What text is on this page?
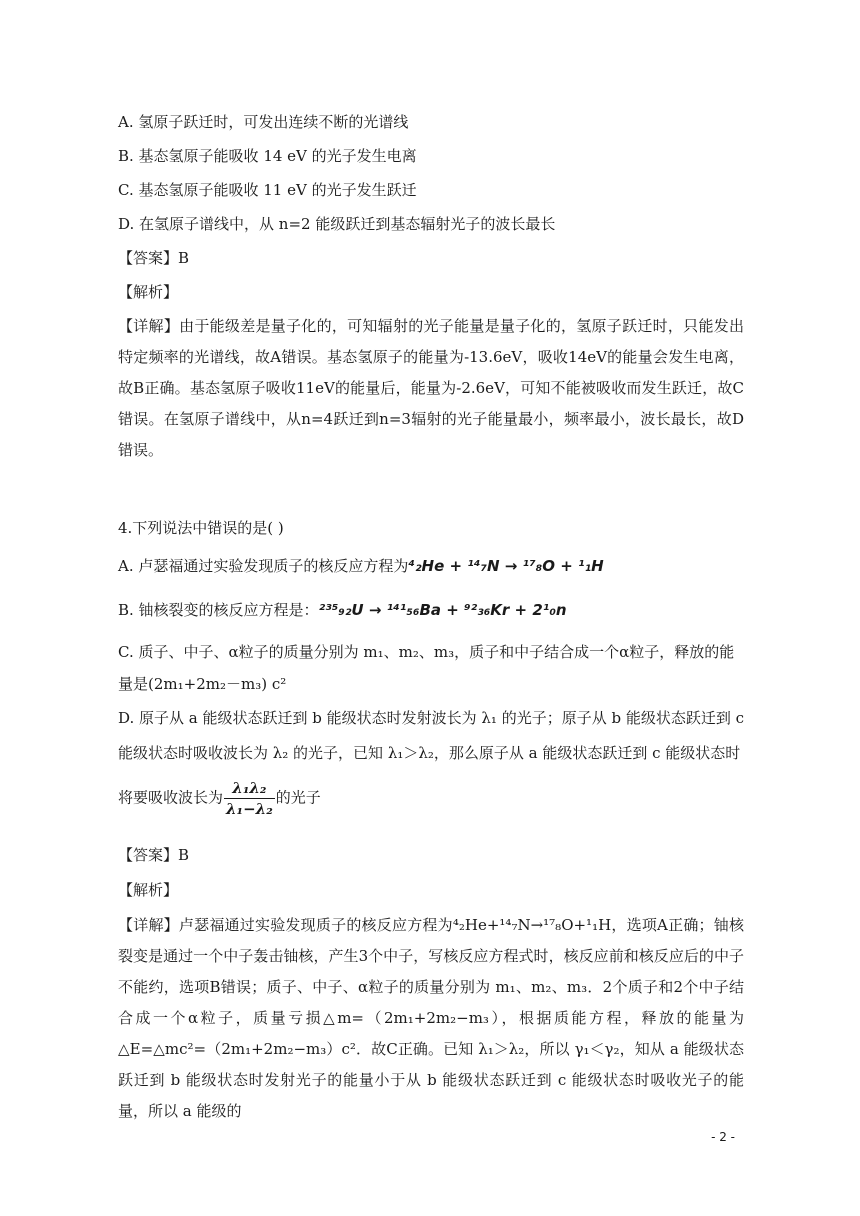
A. 氢原子跃迁时，可发出连续不断的光谱线
B. 基态氢原子能吸收 14 eV 的光子发生电离
C. 基态氢原子能吸收 11 eV 的光子发生跃迁
D. 在氢原子谱线中，从 n=2 能级跃迁到基态辐射光子的波长最长
【答案】B
【解析】
【详解】由于能级差是量子化的，可知辐射的光子能量是量子化的，氢原子跃迁时，只能发出特定频率的光谱线，故A错误。基态氢原子的能量为-13.6eV，吸收14eV的能量会发生电离，故B正确。基态氢原子吸收11eV的能量后，能量为-2.6eV，可知不能被吸收而发生跃迁，故C错误。在氢原子谱线中，从n=4跃迁到n=3辐射的光子能量最小，频率最小，波长最长，故D错误。
4.下列说法中错误的是( )
A. 卢瑟福通过实验发现质子的核反应方程为⁴₂He + ¹⁴₇N → ¹⁷₈O + ¹₁H
B. 铀核裂变的核反应方程是：²³⁵₉₂U → ¹⁴¹₅₆Ba + ⁹²₃₆Kr + 2¹₀n
C. 质子、中子、α粒子的质量分别为 m₁、m₂、m₃，质子和中子结合成一个α粒子，释放的能
量是(2m₁+2m₂－m₃) c²
D. 原子从 a 能级状态跃迁到 b 能级状态时发射波长为 λ₁ 的光子；原子从 b 能级状态跃迁到 c
能级状态时吸收波长为 λ₂ 的光子，已知 λ₁＞λ₂，那么原子从 a 能级状态跃迁到 c 能级状态时
将要吸收波长为 $\frac{\text{λ₁λ₂}}{\text{λ₁−λ₂}}$ 的光子
【答案】B
【解析】
【详解】卢瑟福通过实验发现质子的核反应方程为⁴₂He+¹⁴₇N→¹⁷₈O+¹₁H，选项A正确；铀核裂变是通过一个中子轰击铀核，产生3个中子，写核反应方程式时，核反应前和核反应后的中子不能约，选项B错误；质子、中子、α粒子的质量分别为 m₁、m₂、m₃．2个质子和2个中子结合成一个α粒子，质量亏损△m=（2m₁+2m₂−m₃），根据质能方程，释放的能量为△E=△mc²=（2m₁+2m₂−m₃）c²．故C正确。已知 λ₁＞λ₂，所以 γ₁＜γ₂，知从 a 能级状态跃迁到 b 能级状态时发射光子的能量小于从 b 能级状态跃迁到 c 能级状态时吸收光子的能量，所以 a 能级的
- 2 -
